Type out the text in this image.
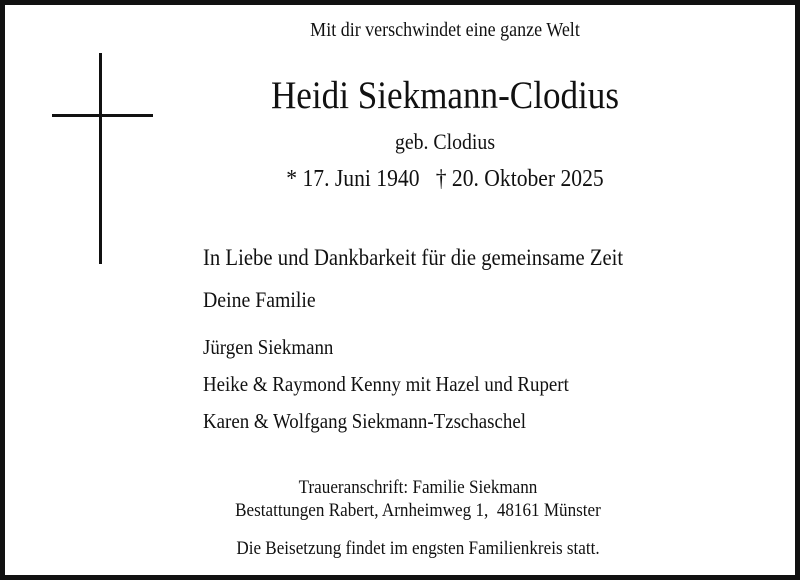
Mit dir verschwindet eine ganze Welt
Heidi Siekmann-Clodius
geb. Clodius
* 17. Juni 1940   † 20. Oktober 2025
In Liebe und Dankbarkeit für die gemeinsame Zeit
Deine Familie
Jürgen Siekmann
Heike & Raymond Kenny mit Hazel und Rupert
Karen & Wolfgang Siekmann-Tzschaschel
Traueranschrift: Familie Siekmann
Bestattungen Rabert, Arnheimweg 1,  48161 Münster
Die Beisetzung findet im engsten Familienkreis statt.
